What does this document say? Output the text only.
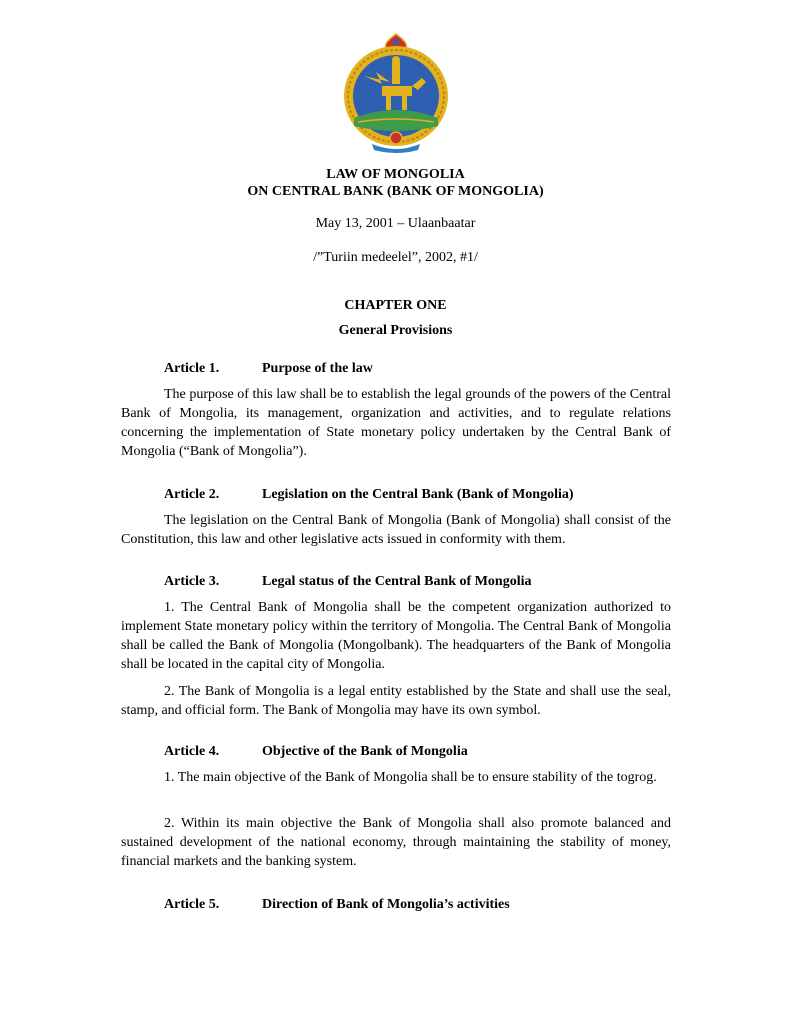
LAW OF MONGOLIA
ON CENTRAL BANK (BANK OF MONGOLIA)
May 13, 2001 – Ulaanbaatar
/”Turiin medeelel”, 2002, #1/
CHAPTER ONE
General Provisions
Article 1.	Purpose of the law

The purpose of this law shall be to establish the legal grounds of the powers of the Central Bank of Mongolia, its management, organization and activities, and to regulate relations concerning the implementation of State monetary policy undertaken by the Central Bank of Mongolia (“Bank of Mongolia”).

Article 2.	Legislation on the Central Bank (Bank of Mongolia)

The legislation on the Central Bank of Mongolia (Bank of Mongolia) shall consist of the Constitution, this law and other legislative acts issued in conformity with them.

Article 3.	Legal status of the Central Bank of Mongolia

1. The Central Bank of Mongolia shall be the competent organization authorized to implement State monetary policy within the territory of Mongolia. The Central Bank of Mongolia shall be called the Bank of Mongolia (Mongolbank). The headquarters of the Bank of Mongolia shall be located in the capital city of Mongolia.

2. The Bank of Mongolia is a legal entity established by the State and shall use the seal, stamp, and official form. The Bank of Mongolia may have its own symbol.

Article 4.	Objective of the Bank of Mongolia

1. The main objective of the Bank of Mongolia shall be to ensure stability of the togrog.

2. Within its main objective the Bank of Mongolia shall also promote balanced and sustained development of the national economy, through maintaining the stability of money, financial markets and the banking system.

Article 5.	Direction of Bank of Mongolia’s activities
